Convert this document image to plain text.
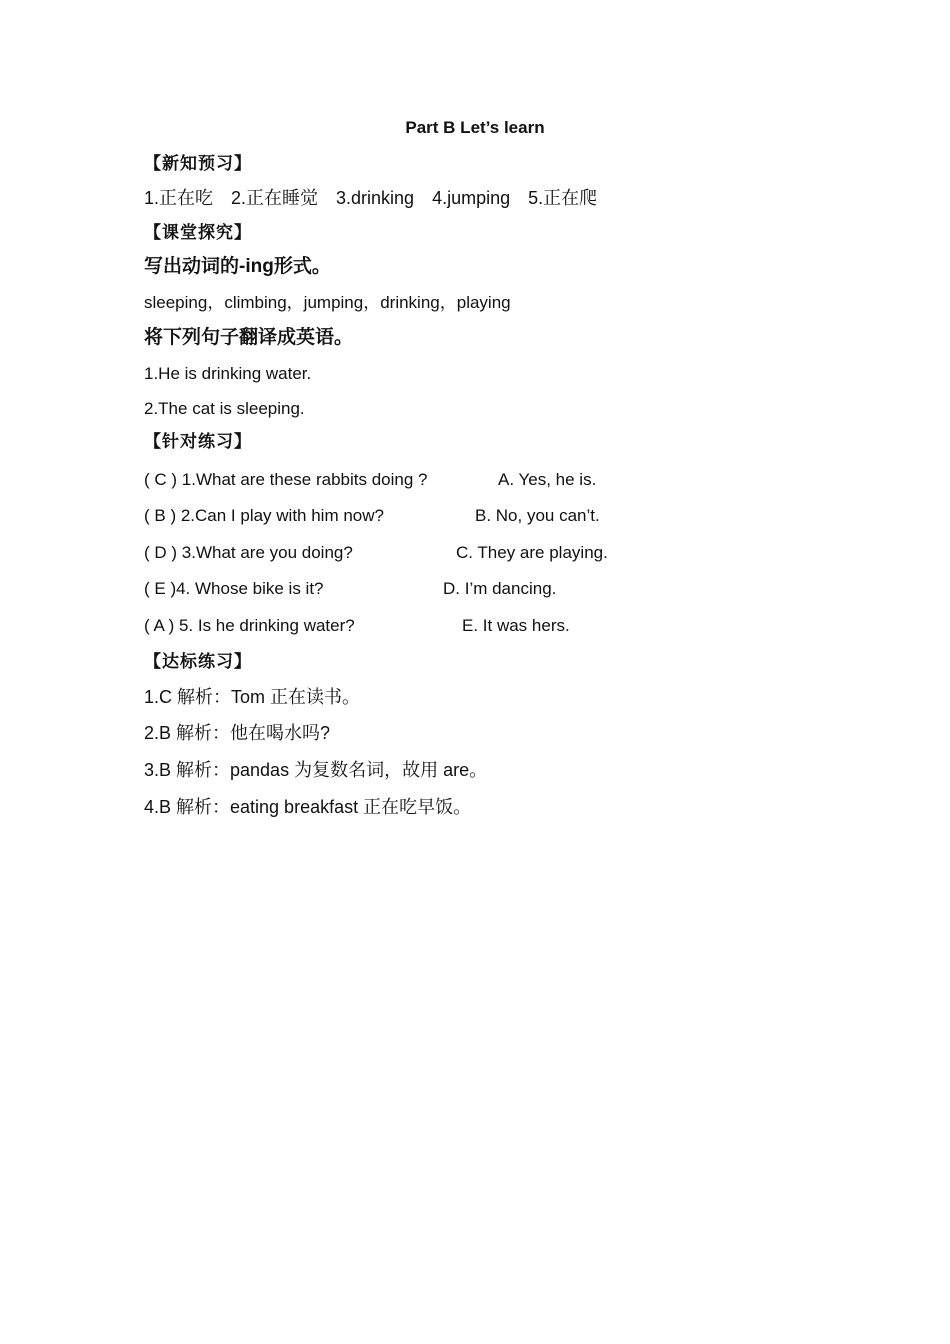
Part B Let’s learn
【新知预习】
1.正在吃　2.正在睡觉　3.drinking　4.jumping　5.正在爬
【课堂探究】
写出动词的-ing形式。
sleeping，climbing，jumping，drinking，playing
将下列句子翻译成英语。
1.He is drinking water.
2.The cat is sleeping.
【针对练习】
( C ) 1.What are these rabbits doing ?	A. Yes, he is.
( B ) 2.Can I play with him now?	B. No, you can’t.
( D ) 3.What are you doing?	C. They are playing.
( E )4. Whose bike is it?	D. I’m dancing.
( A ) 5. Is he drinking water?	E. It was hers.
【达标练习】
1.C 解析：Tom 正在读书。
2.B 解析：他在喝水吗?
3.B 解析：pandas 为复数名词，故用 are。
4.B 解析：eating breakfast 正在吃早饭。
